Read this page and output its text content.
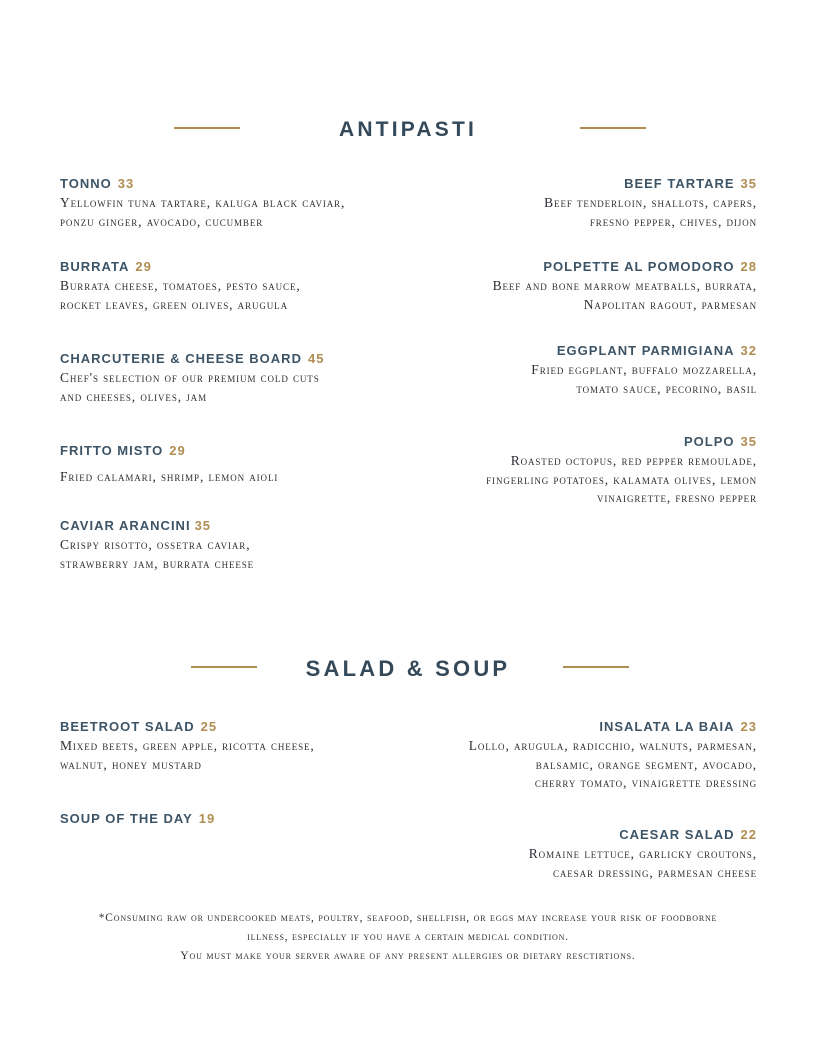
ANTIPASTI
TONNO 33
Yellowfin tuna tartare, kaluga black caviar,
ponzu ginger, avocado, cucumber
BURRATA 29
Burrata cheese, tomatoes, pesto sauce,
rocket leaves, green olives, arugula
CHARCUTERIE & CHEESE BOARD 45
Chef's selection of our premium cold cuts
and cheeses, olives, jam
FRITTO MISTO 29
Fried calamari, shrimp, lemon aioli
CAVIAR ARANCINI 35
Crispy risotto, ossetra caviar,
strawberry jam, burrata cheese
BEEF TARTARE 35
Beef tenderloin, shallots, capers,
fresno pepper, chives, dijon
POLPETTE AL POMODORO 28
Beef and bone marrow meatballs, burrata,
Napolitan ragout, parmesan
EGGPLANT PARMIGIANA 32
Fried eggplant, buffalo mozzarella,
tomato sauce, pecorino, basil
POLPO 35
Roasted octopus, red pepper remoulade,
fingerling potatoes, kalamata olives, lemon
vinaigrette, fresno pepper
SALAD & SOUP
BEETROOT SALAD 25
Mixed beets, green apple, ricotta cheese,
walnut, honey mustard
SOUP OF THE DAY 19
INSALATA LA BAIA 23
Lollo, arugula, radicchio, walnuts, parmesan,
balsamic, orange segment, avocado,
cherry tomato, vinaigrette dressing
CAESAR SALAD 22
Romaine lettuce, garlicky croutons,
caesar dressing, parmesan cheese
*Consuming raw or undercooked meats, poultry, seafood, shellfish, or eggs may increase your risk of foodborne
illness, especially if you have a certain medical condition.
You must make your server aware of any present allergies or dietary resctirtions.
